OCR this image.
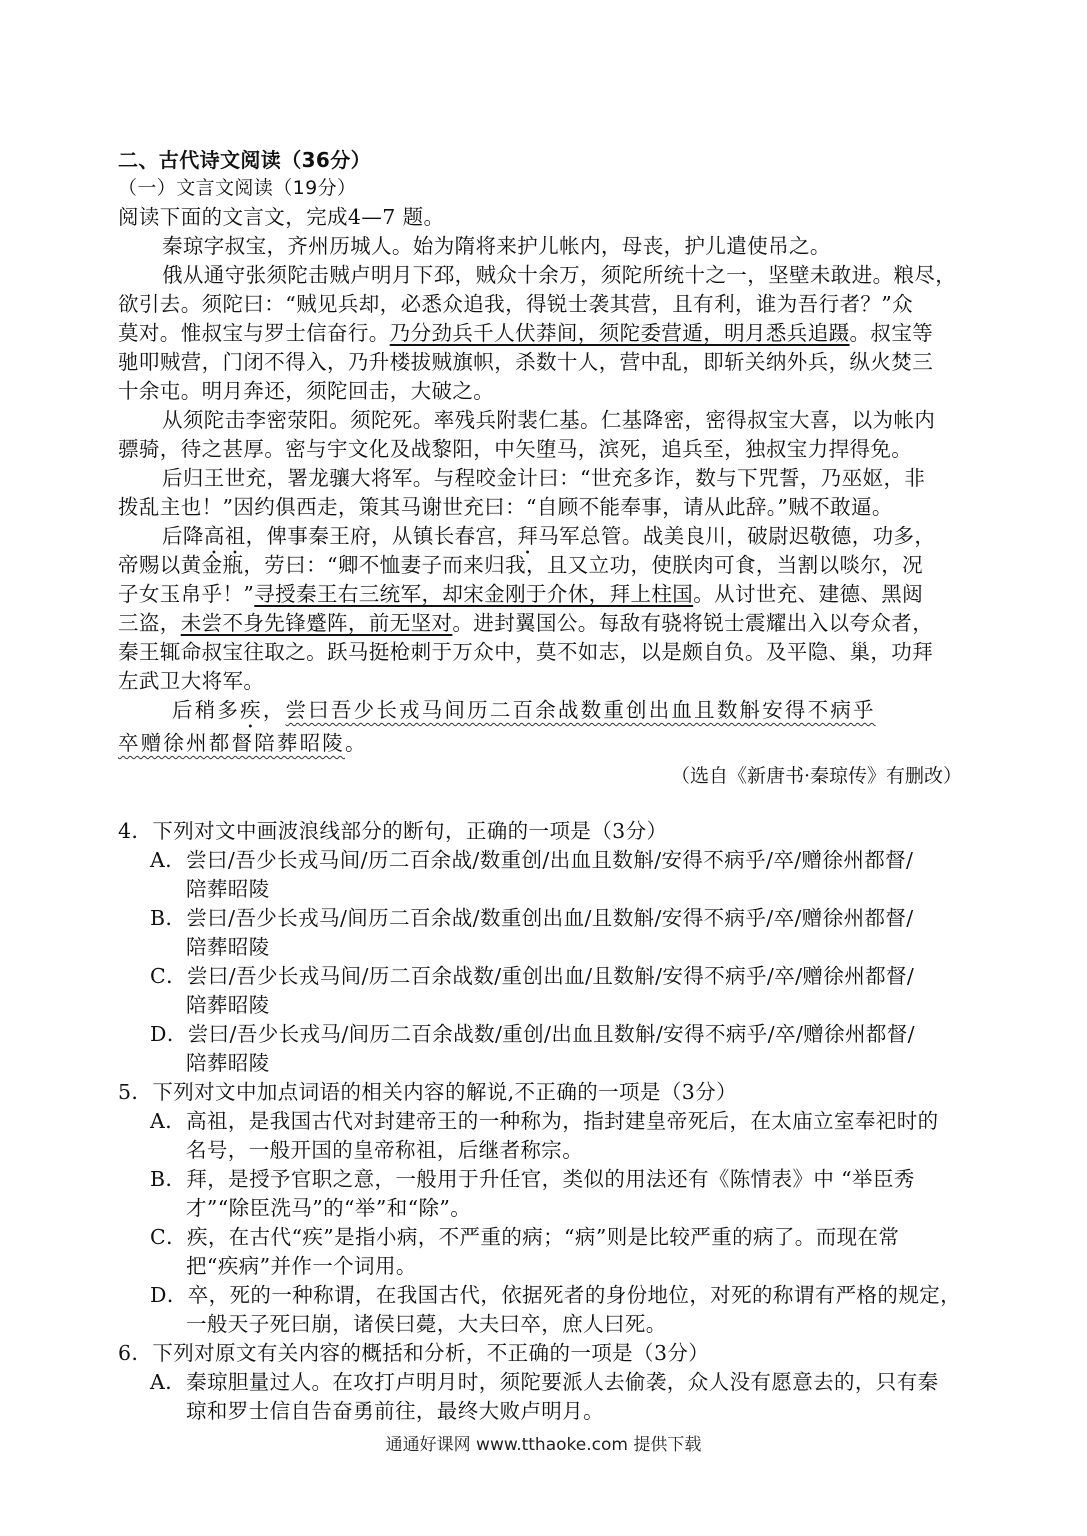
二、古代诗文阅读（36分）
（一）文言文阅读（19分）
阅读下面的文言文，完成4—7 题。
秦琼字叔宝，齐州历城人。始为隋将来护儿帐内，母丧，护儿遣使吊之。
俄从通守张须陀击贼卢明月下邳，贼众十余万，须陀所统十之一，坚壁未敢进。粮尽，
欲引去。须陀曰：“贼见兵却，必悉众追我，得锐士袭其营，且有利，谁为吾行者？”众
莫对。惟叔宝与罗士信奋行。乃分劲兵千人伏莽间，须陀委营遁，明月悉兵追蹑。叔宝等
驰叩贼营，门闭不得入，乃升楼拔贼旗帜，杀数十人，营中乱，即斩关纳外兵，纵火焚三
十余屯。明月奔还，须陀回击，大破之。
从须陀击李密荥阳。须陀死。率残兵附裴仁基。仁基降密，密得叔宝大喜，以为帐内
骠骑，待之甚厚。密与宇文化及战黎阳，中矢堕马，滨死，追兵至，独叔宝力捍得免。
后归王世充，署龙骧大将军。与程咬金计曰：“世充多诈，数与下咒誓，乃巫妪，非
拨乱主也！”因约俱西走，策其马谢世充曰：“自顾不能奉事，请从此辞。”贼不敢逼。
后降高祖，俾事秦王府，从镇长春宫，拜马军总管。战美良川，破尉迟敬德，功多，
帝赐以黄金瓶，劳曰：“卿不恤妻子而来归我，且又立功，使朕肉可食，当割以啖尔，况
子女玉帛乎！”寻授秦王右三统军，却宋金刚于介休，拜上柱国。从讨世充、建德、黑闼
三盗，未尝不身先锋蹙阵，前无坚对。进封翼国公。每敌有骁将锐士震耀出入以夸众者，
秦王辄命叔宝往取之。跃马挺枪刺于万众中，莫不如志，以是颇自负。及平隐、巢，功拜
左武卫大将军。
后稍多疾，尝曰吾少长戎马间历二百余战数重创出血且数斛安得不病乎
卒赠徐州都督陪葬昭陵。
（选自《新唐书·秦琼传》有删改）
4．下列对文中画波浪线部分的断句，正确的一项是（3分）
A．尝曰/吾少长戎马间/历二百余战/数重创/出血且数斛/安得不病乎/卒/赠徐州都督/
陪葬昭陵
B．尝曰/吾少长戎马/间历二百余战/数重创出血/且数斛/安得不病乎/卒/赠徐州都督/
陪葬昭陵
C．尝曰/吾少长戎马间/历二百余战数/重创出血/且数斛/安得不病乎/卒/赠徐州都督/
陪葬昭陵
D．尝曰/吾少长戎马/间历二百余战数/重创/出血且数斛/安得不病乎/卒/赠徐州都督/
陪葬昭陵
5．下列对文中加点词语的相关内容的解说,不正确的一项是（3分）
A．高祖，是我国古代对封建帝王的一种称为，指封建皇帝死后，在太庙立室奉祀时的
名号，一般开国的皇帝称祖，后继者称宗。
B．拜，是授予官职之意，一般用于升任官，类似的用法还有《陈情表》中 “举臣秀
才”“除臣洗马”的“举”和“除”。
C．疾，在古代“疾”是指小病，不严重的病；“病”则是比较严重的病了。而现在常
把“疾病”并作一个词用。
D．卒，死的一种称谓，在我国古代，依据死者的身份地位，对死的称谓有严格的规定，
一般天子死曰崩，诸侯曰薨，大夫曰卒，庶人曰死。
6．下列对原文有关内容的概括和分析，不正确的一项是（3分）
A．秦琼胆量过人。在攻打卢明月时，须陀要派人去偷袭，众人没有愿意去的，只有秦
琼和罗士信自告奋勇前往，最终大败卢明月。
通通好课网 www.tthaoke.com 提供下载
